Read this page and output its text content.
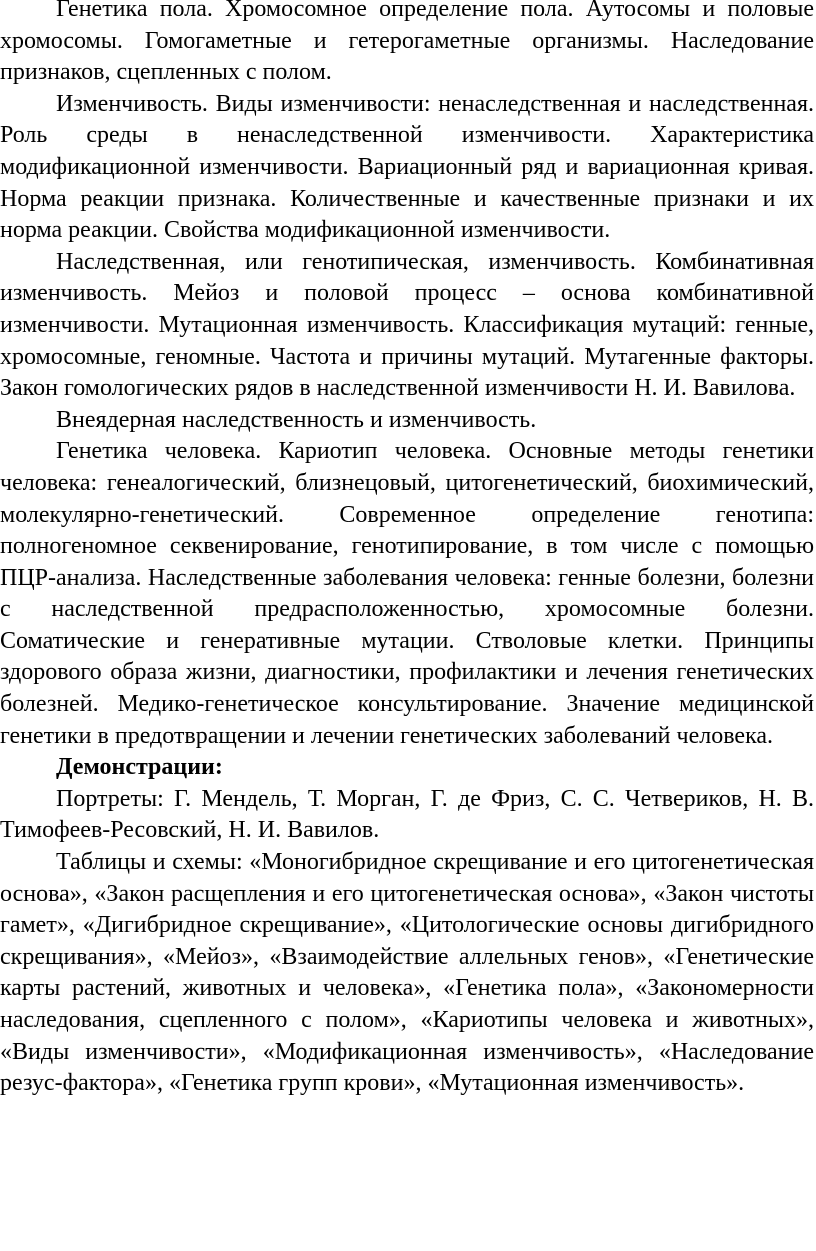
Генетика пола. Хромосомное определение пола. Аутосомы и половые хромосомы. Гомогаметные и гетерогаметные организмы. Наследование признаков, сцепленных с полом.

Изменчивость. Виды изменчивости: ненаследственная и наследственная. Роль среды в ненаследственной изменчивости. Характеристика модификационной изменчивости. Вариационный ряд и вариационная кривая. Норма реакции признака. Количественные и качественные признаки и их норма реакции. Свойства модификационной изменчивости.

Наследственная, или генотипическая, изменчивость. Комбинативная изменчивость. Мейоз и половой процесс – основа комбинативной изменчивости. Мутационная изменчивость. Классификация мутаций: генные, хромосомные, геномные. Частота и причины мутаций. Мутагенные факторы. Закон гомологических рядов в наследственной изменчивости Н. И. Вавилова.

Внеядерная наследственность и изменчивость.

Генетика человека. Кариотип человека. Основные методы генетики человека: генеалогический, близнецовый, цитогенетический, биохимический, молекулярно-генетический. Современное определение генотипа: полногеномное секвенирование, генотипирование, в том числе с помощью ПЦР-анализа. Наследственные заболевания человека: генные болезни, болезни с наследственной предрасположенностью, хромосомные болезни. Соматические и генеративные мутации. Стволовые клетки. Принципы здорового образа жизни, диагностики, профилактики и лечения генетических болезней. Медико-генетическое консультирование. Значение медицинской генетики в предотвращении и лечении генетических заболеваний человека.

Демонстрации:

Портреты: Г. Мендель, Т. Морган, Г. де Фриз, С. С. Четвериков, Н. В. Тимофеев-Ресовский, Н. И. Вавилов.

Таблицы и схемы: «Моногибридное скрещивание и его цитогенетическая основа», «Закон расщепления и его цитогенетическая основа», «Закон чистоты гамет», «Дигибридное скрещивание», «Цитологические основы дигибридного скрещивания», «Мейоз», «Взаимодействие аллельных генов», «Генетические карты растений, животных и человека», «Генетика пола», «Закономерности наследования, сцепленного с полом», «Кариотипы человека и животных», «Виды изменчивости», «Модификационная изменчивость», «Наследование резус-фактора», «Генетика групп крови», «Мутационная изменчивость».
